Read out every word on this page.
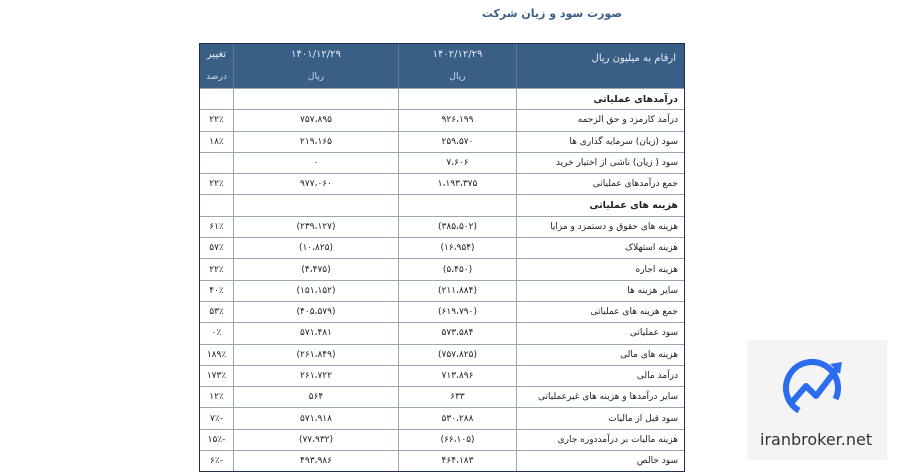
صورت سود و زیان شرکت
ارقام به میلیون ریال
۱۴۰۲/۱۲/۲۹
ریال
۱۴۰۱/۱۲/۲۹
ریال
تغییر
درصد
درآمدهای عملیاتی
درآمد کارمزد و حق الزحمه
۹۲۶،۱۹۹
۷۵۷،۸۹۵
۲۲٪
سود (زیان) سرمایه گذاری ها
۲۵۹،۵۷۰
۲۱۹،۱۶۵
۱۸٪
سود ( زیان) ناشی از اختیار خرید
۷،۶۰۶
۰
جمع درآمدهای عملیاتی
۱،۱۹۳،۳۷۵
۹۷۷،۰۶۰
۲۲٪
هزینه های عملیاتی
هزینه های حقوق و دستمزد و مزایا
(۳۸۵،۵۰۲)
(۲۳۹،۱۲۷)
۶۱٪
هزینه استهلاک
(۱۶،۹۵۴)
(۱۰،۸۲۵)
۵۷٪
هزینه اجاره
(۵،۴۵۰)
(۴،۴۷۵)
۲۲٪
سایر هزینه ها
(۲۱۱،۸۸۴)
(۱۵۱،۱۵۲)
۴۰٪
جمع هزینه های عملیاتی
(۶۱۹،۷۹۰)
(۴۰۵،۵۷۹)
۵۳٪
سود عملیاتی
۵۷۳،۵۸۴
۵۷۱،۴۸۱
۰٪
هزینه های مالی
(۷۵۷،۸۲۵)
(۲۶۱،۸۴۹)
۱۸۹٪
درآمد مالی
۷۱۳،۸۹۶
۲۶۱،۷۲۲
۱۷۳٪
سایر درآمدها و هزینه های غیرعملیاتی
۶۳۳
۵۶۴
۱۲٪
سود قبل از مالیات
۵۳۰،۲۸۸
۵۷۱،۹۱۸
-۷٪
هزینه مالیات بر درآمددوره جاری
(۶۶،۱۰۵)
(۷۷،۹۳۲)
-۱۵٪
سود خالص
۴۶۴،۱۸۳
۴۹۳،۹۸۶
-۶٪
iranbroker.net
